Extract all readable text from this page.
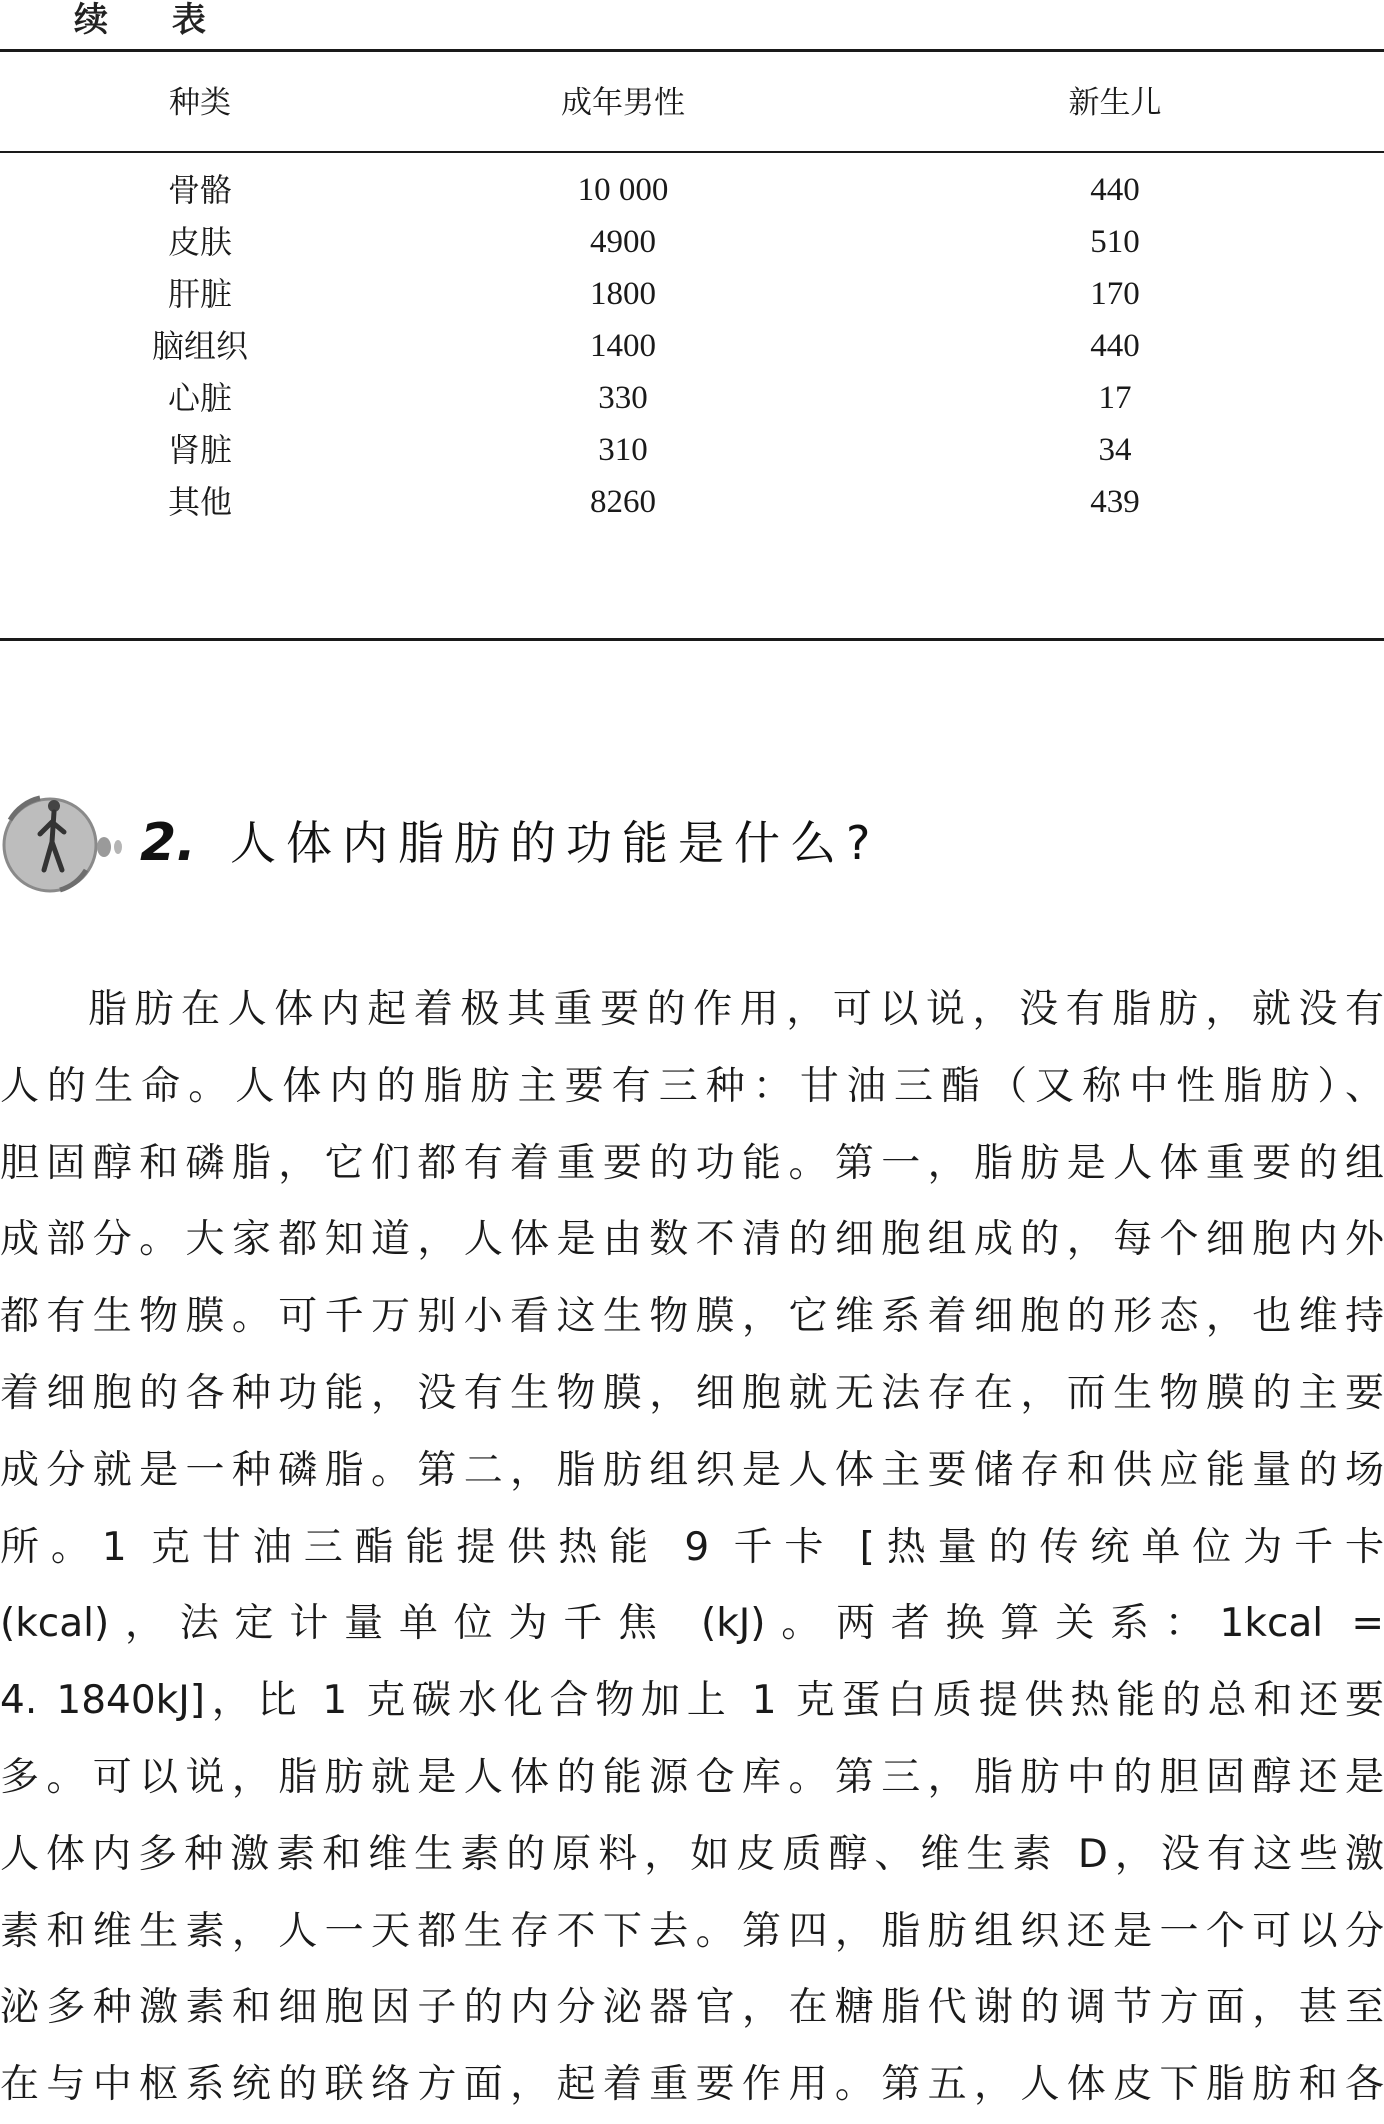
续 表
种类	成年男性	新生儿
骨骼	10 000	440
皮肤	4900	510
肝脏	1800	170
脑组织	1400	440
心脏	330	17
肾脏	310	34
其他	8260	439
2. 人体内脂肪的功能是什么?
脂肪在人体内起着极其重要的作用，可以说，没有脂肪，就没有
人的生命。人体内的脂肪主要有三种：甘油三酯（又称中性脂肪）、
胆固醇和磷脂，它们都有着重要的功能。第一，脂肪是人体重要的组
成部分。大家都知道，人体是由数不清的细胞组成的，每个细胞内外
都有生物膜。可千万别小看这生物膜，它维系着细胞的形态，也维持
着细胞的各种功能，没有生物膜，细胞就无法存在，而生物膜的主要
成分就是一种磷脂。第二，脂肪组织是人体主要储存和供应能量的场
所。1 克甘油三酯能提供热能 9 千卡 [热量的传统单位为千卡
(kcal)，法定计量单位为千焦 (kJ)。两者换算关系：1kcal =
4. 1840kJ]，比 1 克碳水化合物加上 1 克蛋白质提供热能的总和还要
多。可以说，脂肪就是人体的能源仓库。第三，脂肪中的胆固醇还是
人体内多种激素和维生素的原料，如皮质醇、维生素 D，没有这些激
素和维生素，人一天都生存不下去。第四，脂肪组织还是一个可以分
泌多种激素和细胞因子的内分泌器官，在糖脂代谢的调节方面，甚至
在与中枢系统的联络方面，起着重要作用。第五，人体皮下脂肪和各
